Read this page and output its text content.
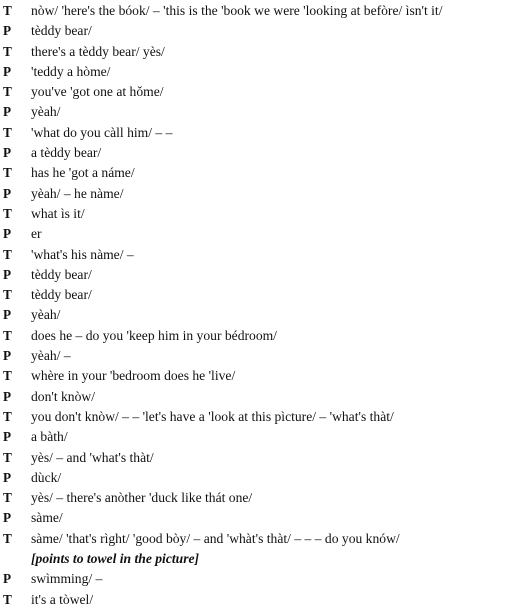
T	nòw/ 'here's the bóok/ – 'this is the 'book we were 'looking at befòre/ ìsn't it/
P	tèddy bear/
T	there's a tèddy bear/ yès/
P	'teddy a hòme/
T	you've 'got one at hǒme/
P	yèah/
T	'what do you càll him/ – –
P	a tèddy bear/
T	has he 'got a náme/
P	yèah/ – he nàme/
T	what ìs it/
P	er
T	'what's his nàme/ –
P	tèddy bear/
T	tèddy bear/
P	yèah/
T	does he – do you 'keep him in your bédroom/
P	yèah/ –
T	whère in your 'bedroom does he 'live/
P	don't knòw/
T	you don't knòw/ – – 'let's have a 'look at this pìcture/ – 'what's thàt/
P	a bàth/
T	yès/ – and 'what's thàt/
P	dùck/
T	yès/ – there's anòther 'duck like thát one/
P	sàme/
T	sàme/ 'that's rìght/ 'good bòy/ – and 'whàt's thàt/ – – – do you knów/
[points to towel in the picture]
P	swìmming/ –
T	it's a tòwel/
